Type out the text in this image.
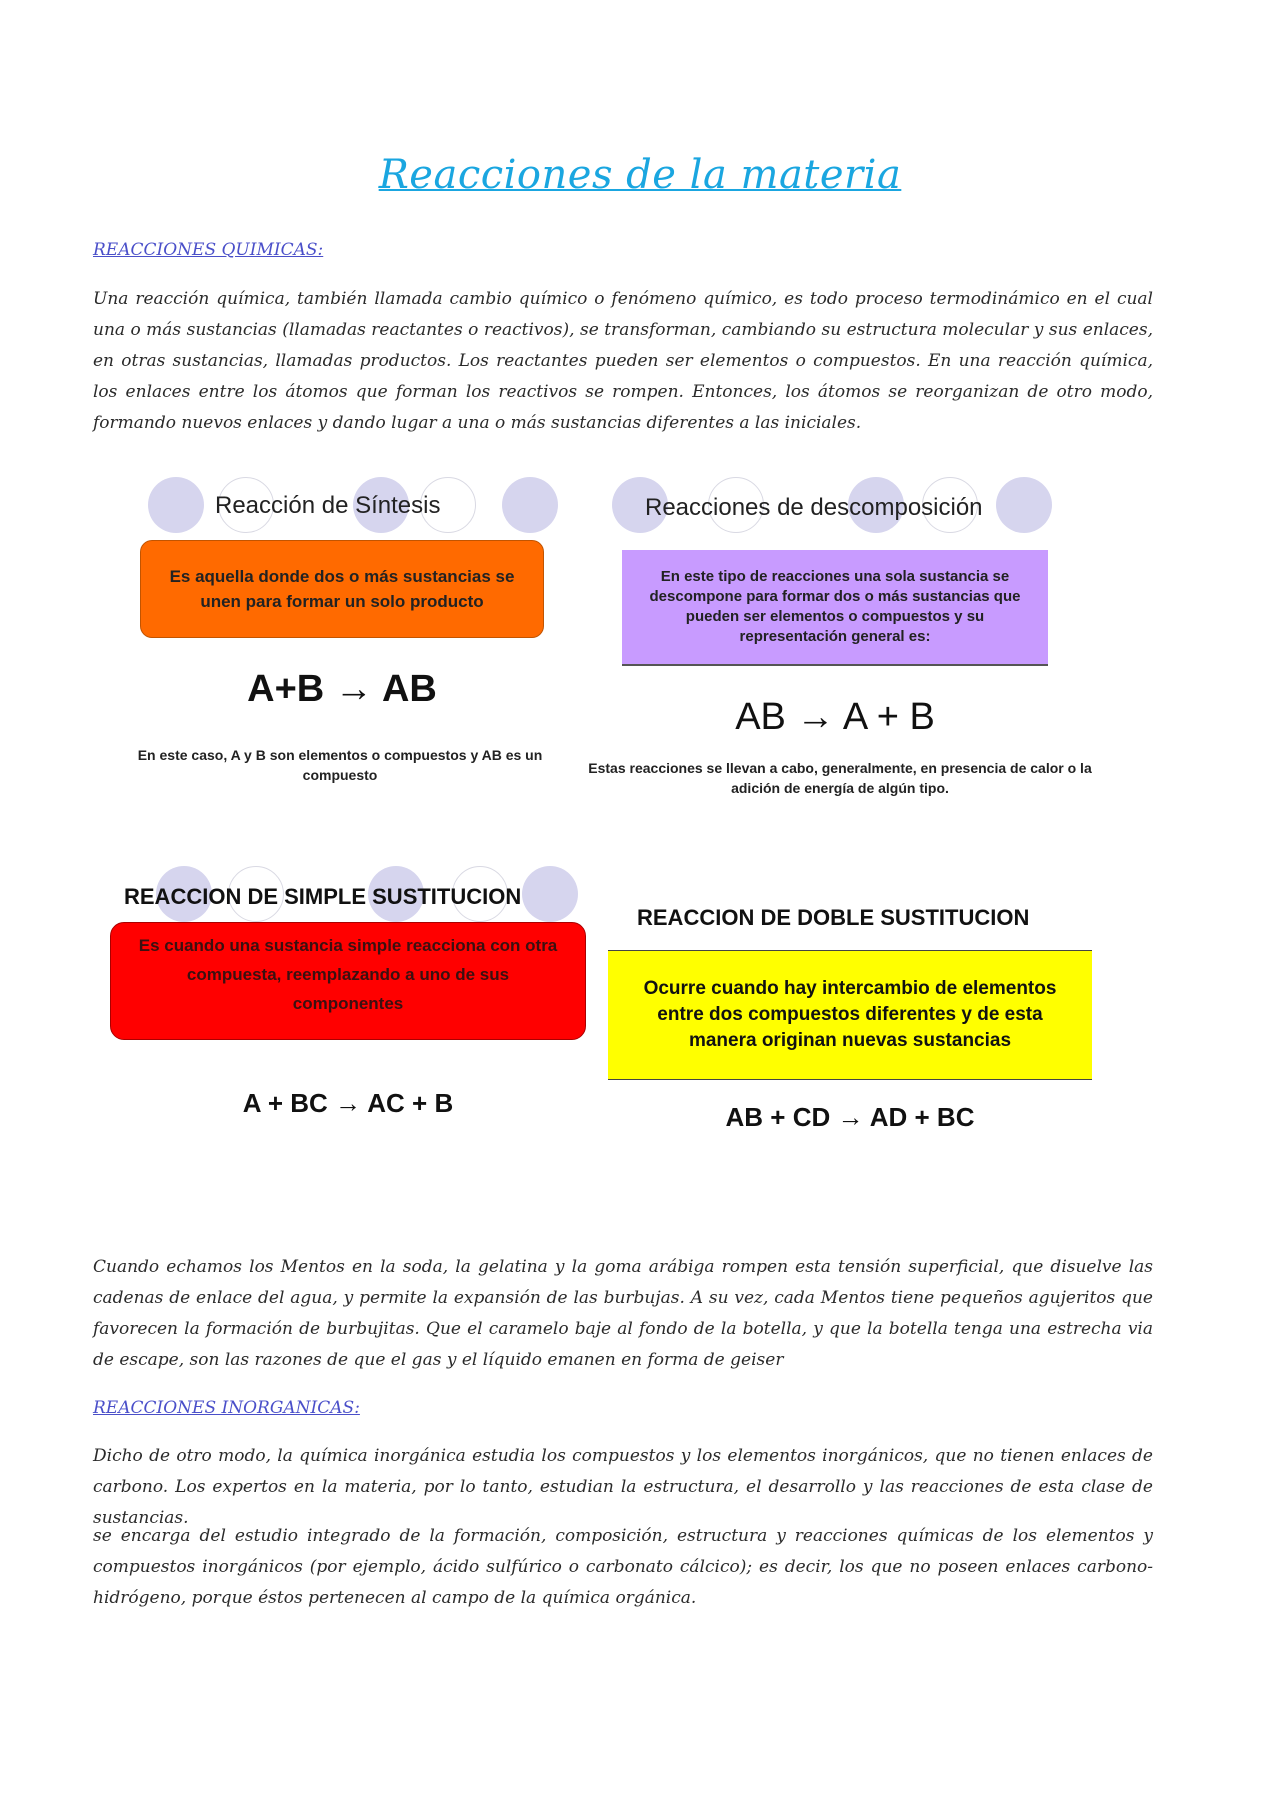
Reacciones de la materia
REACCIONES QUIMICAS:
Una reacción química, también llamada cambio químico o fenómeno químico, es todo proceso termodinámico en el cual una o más sustancias (llamadas reactantes o reactivos), se transforman, cambiando su estructura molecular y sus enlaces, en otras sustancias, llamadas productos. Los reactantes pueden ser elementos o compuestos. En una reacción química, los enlaces entre los átomos que forman los reactivos se rompen. Entonces, los átomos se reorganizan de otro modo, formando nuevos enlaces y dando lugar a una o más sustancias diferentes a las iniciales.
Reacción de Síntesis
Es aquella donde dos o más sustancias se unen para formar un solo producto
A+B → AB
En este caso, A y B son elementos o compuestos y AB es un compuesto
Reacciones de descomposición
En este tipo de reacciones una sola sustancia se descompone para formar dos o más sustancias que pueden ser elementos o compuestos y su representación general es:
AB → A + B
Estas reacciones se llevan a cabo, generalmente, en presencia de calor o la adición de energía de algún tipo.
REACCION DE SIMPLE SUSTITUCION
Es cuando una sustancia simple reacciona con otra compuesta, reemplazando a uno de sus componentes
A + BC → AC + B
REACCION DE DOBLE SUSTITUCION
Ocurre cuando hay intercambio de elementos entre dos compuestos diferentes y de esta manera originan nuevas sustancias
AB + CD → AD + BC
Cuando echamos los Mentos en la soda, la gelatina y la goma arábiga rompen esta tensión superficial, que disuelve las cadenas de enlace del agua, y permite la expansión de las burbujas. A su vez, cada Mentos tiene pequeños agujeritos que favorecen la formación de burbujitas. Que el caramelo baje al fondo de la botella, y que la botella tenga una estrecha via de escape, son las razones de que el gas y el líquido emanen en forma de geiser
REACCIONES INORGANICAS:
Dicho de otro modo, la química inorgánica estudia los compuestos y los elementos inorgánicos, que no tienen enlaces de carbono. Los expertos en la materia, por lo tanto, estudian la estructura, el desarrollo y las reacciones de esta clase de sustancias.
se encarga del estudio integrado de la formación, composición, estructura y reacciones químicas de los elementos y compuestos inorgánicos (por ejemplo, ácido sulfúrico o carbonato cálcico); es decir, los que no poseen enlaces carbono-hidrógeno, porque éstos pertenecen al campo de la química orgánica.
